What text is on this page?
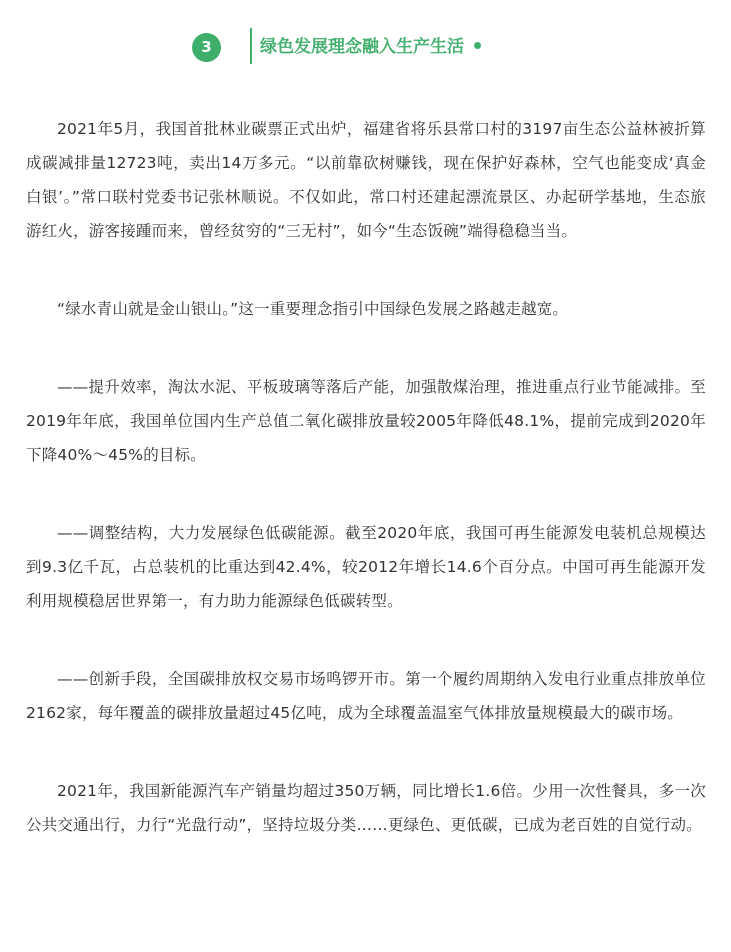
3	绿色发展理念融入生产生活

2021年5月，我国首批林业碳票正式出炉，福建省将乐县常口村的3197亩生态公益林被折算成碳减排量12723吨，卖出14万多元。“以前靠砍树赚钱，现在保护好森林，空气也能变成‘真金白银’。”常口联村党委书记张林顺说。不仅如此，常口村还建起漂流景区、办起研学基地，生态旅游红火，游客接踵而来，曾经贫穷的“三无村”，如今“生态饭碗”端得稳稳当当。

“绿水青山就是金山银山。”这一重要理念指引中国绿色发展之路越走越宽。

——提升效率，淘汰水泥、平板玻璃等落后产能，加强散煤治理，推进重点行业节能减排。至2019年年底，我国单位国内生产总值二氧化碳排放量较2005年降低48.1%，提前完成到2020年下降40%～45%的目标。

——调整结构，大力发展绿色低碳能源。截至2020年底，我国可再生能源发电装机总规模达到9.3亿千瓦，占总装机的比重达到42.4%，较2012年增长14.6个百分点。中国可再生能源开发利用规模稳居世界第一，有力助力能源绿色低碳转型。

——创新手段，全国碳排放权交易市场鸣锣开市。第一个履约周期纳入发电行业重点排放单位2162家，每年覆盖的碳排放量超过45亿吨，成为全球覆盖温室气体排放量规模最大的碳市场。

2021年，我国新能源汽车产销量均超过350万辆，同比增长1.6倍。少用一次性餐具，多一次公共交通出行，力行“光盘行动”，坚持垃圾分类……更绿色、更低碳，已成为老百姓的自觉行动。
